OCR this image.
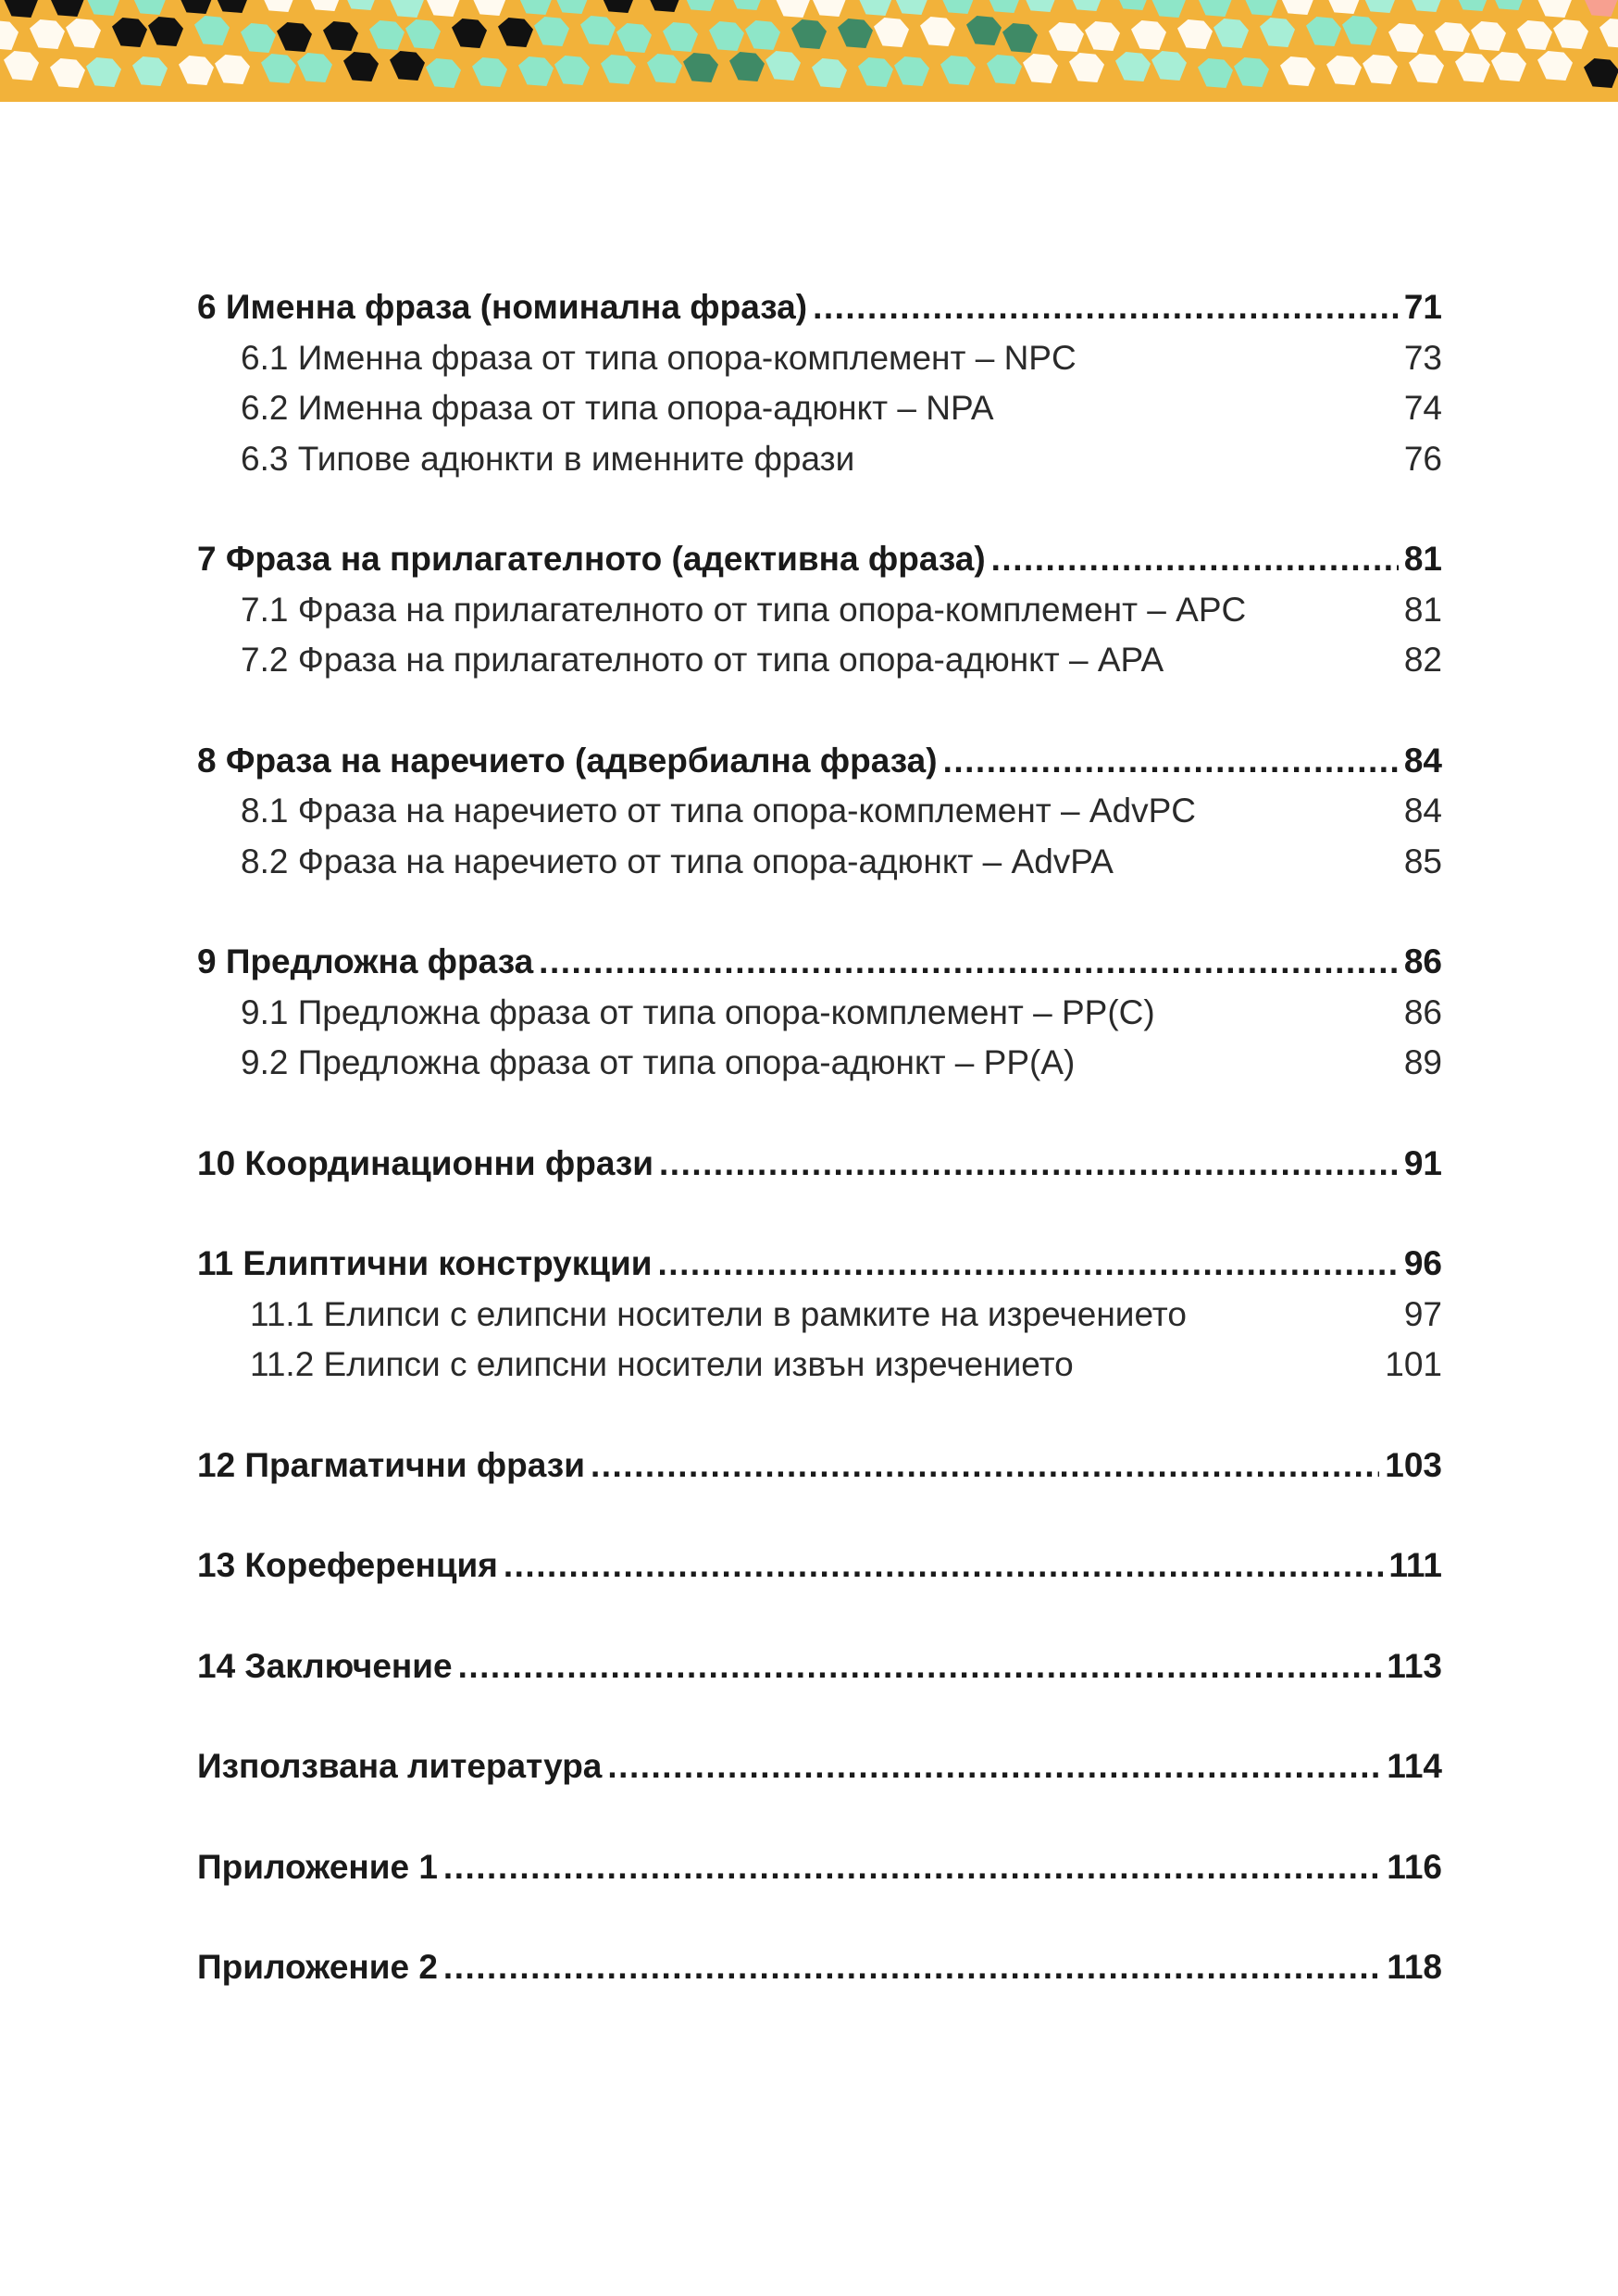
6 Именна фраза (номинална фраза) .....	71
6.1 Именна фраза от типа опора-комплемент – NPC	73
6.2 Именна фраза от типа опора-адюнкт – NPA	74
6.3 Типове адюнкти в именните фрази	76
7 Фраза на прилагателното (адективна фраза) .....	81
7.1 Фраза на прилагателното от типа опора-комплемент – APC	81
7.2 Фраза на прилагателното от типа опора-адюнкт – APA	82
8 Фраза на наречието (адвербиална фраза) .....	84
8.1 Фраза на наречието от типа опора-комплемент – AdvPC	84
8.2 Фраза на наречието от типа опора-адюнкт – AdvPA	85
9 Предложна фраза .....	86
9.1 Предложна фраза от типа опора-комплемент – PP(C)	86
9.2 Предложна фраза от типа опора-адюнкт – PP(A)	89
10 Координационни фрази .....	91
11 Елиптични конструкции .....	96
11.1 Елипси с елипсни носители в рамките на изречението	97
11.2 Елипси с елипсни носители извън изречението	101
12 Прагматични фрази .....	103
13 Кореференция .....	111
14 Заключение .....	113
Използвана литература .....	114
Приложение 1 .....	116
Приложение 2 .....	118
